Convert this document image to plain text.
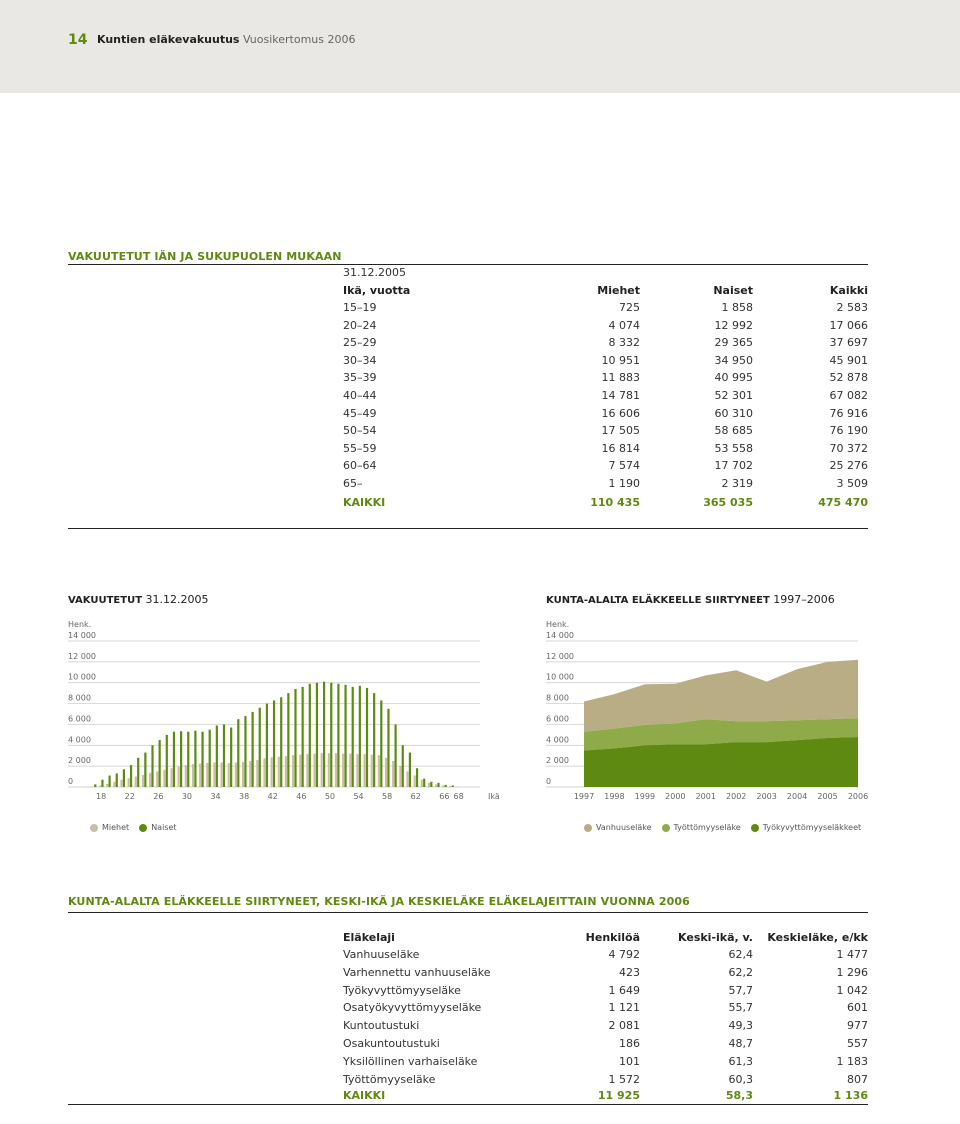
14 Kuntien eläkevakuutus Vuosikertomus 2006
VAKUUTETUT IÄN JA SUKUPUOLEN MUKAAN
31.12.2005
Ikä, vuotta	Miehet	Naiset	Kaikki
15–19	725	1 858	2 583
20–24	4 074	12 992	17 066
25–29	8 332	29 365	37 697
30–34	10 951	34 950	45 901
35–39	11 883	40 995	52 878
40–44	14 781	52 301	67 082
45–49	16 606	60 310	76 916
50–54	17 505	58 685	76 190
55–59	16 814	53 558	70 372
60–64	7 574	17 702	25 276
65–	1 190	2 319	3 509
KAIKKI	110 435	365 035	475 470
VAKUUTETUT 31.12.2005
Henk.
14 000
12 000
10 000
8 000
6 000
4 000
2 000
0
18 22 26 30 34 38 42 46 50 54 58 62 66 68	Ikä
Miehet	Naiset
KUNTA-ALALTA ELÄKKEELLE SIIRTYNEET 1997–2006
Henk.
14 000
12 000
10 000
8 000
6 000
4 000
2 000
0
1997 1998 1999 2000 2001 2002 2003 2004 2005 2006
Vanhuuseläke	Työttömyyseläke	Työkyvyttömyyseläkkeet
KUNTA-ALALTA ELÄKKEELLE SIIRTYNEET, KESKI-IKÄ JA KESKIELÄKE ELÄKELAJEITTAIN VUONNA 2006
Eläkelaji	Henkilöä	Keski-ikä, v. Keskieläke, e/kk
Vanhuuseläke	4 792	62,4	1 477
Varhennettu vanhuuseläke	423	62,2	1 296
Työkyvyttömyyseläke	1 649	57,7	1 042
Osatyökyvyttömyyseläke	1 121	55,7	601
Kuntoutustuki	2 081	49,3	977
Osakuntoutustuki	186	48,7	557
Yksilöllinen varhaiseläke	101	61,3	1 183
Työttömyyseläke	1 572	60,3	807
KAIKKI	11 925	58,3	1 136
